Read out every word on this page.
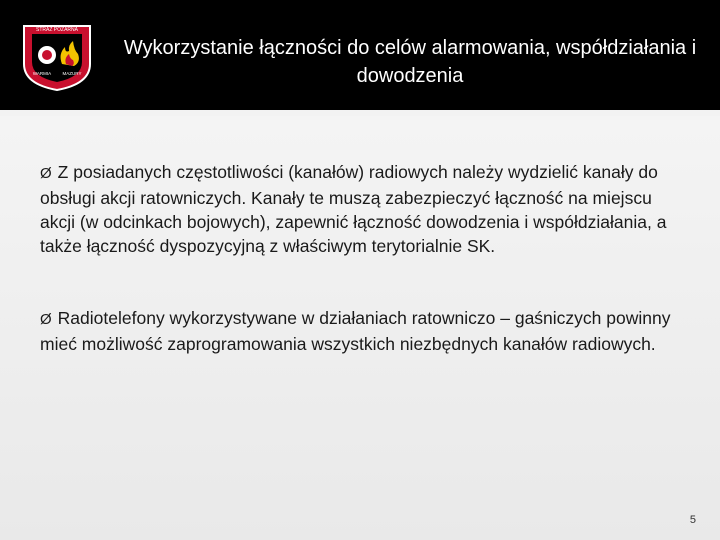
STRAŻ POŻARNA
WARMIA	MAZURY
Wykorzystanie łączności do celów alarmowania, współdziałania i dowodzenia
Ø Z posiadanych częstotliwości (kanałów) radiowych należy wydzielić kanały do obsługi akcji ratowniczych. Kanały te muszą zabezpieczyć łączność na miejscu akcji (w odcinkach bojowych), zapewnić łączność dowodzenia i współdziałania, a także łączność dyspozycyjną z właściwym terytorialnie SK.
Ø Radiotelefony wykorzystywane w działaniach ratowniczo – gaśniczych powinny mieć możliwość zaprogramowania wszystkich niezbędnych kanałów radiowych.
5
